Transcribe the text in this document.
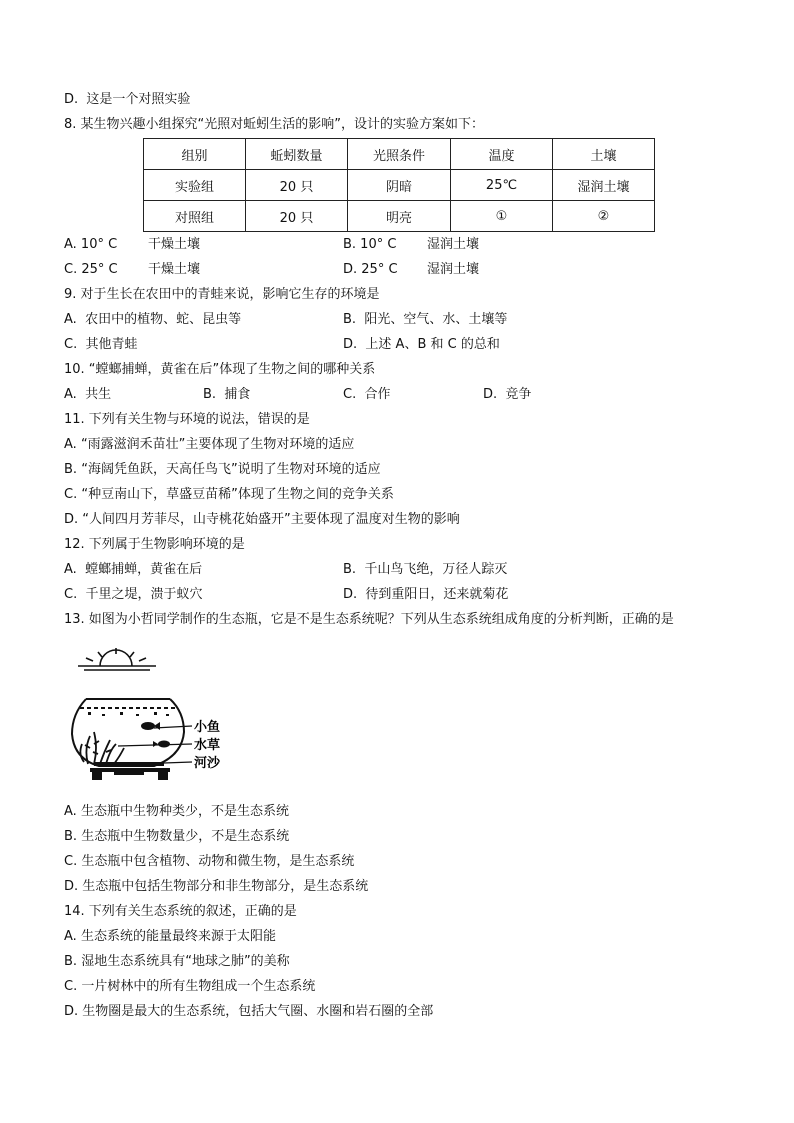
D. 这是一个对照实验
8. 某生物兴趣小组探究“光照对蚯蚓生活的影响”，设计的实验方案如下：
组别	蚯蚓数量	光照条件	温度	土壤
实验组	20 只	阴暗	25℃	湿润土壤
对照组	20 只	明亮	①	②
A. 10° C 干燥土壤	B. 10° C 湿润土壤
C. 25° C 干燥土壤	D. 25° C 湿润土壤
9. 对于生长在农田中的青蛙来说，影响它生存的环境是
A. 农田中的植物、蛇、昆虫等	B. 阳光、空气、水、土壤等
C. 其他青蛙	D. 上述 A、B 和 C 的总和
10. “螳螂捕蝉，黄雀在后”体现了生物之间的哪种关系
A. 共生	B. 捕食	C. 合作	D. 竞争
11. 下列有关生物与环境的说法，错误的是
A. “雨露滋润禾苗壮”主要体现了生物对环境的适应
B. “海阔凭鱼跃，天高任鸟飞”说明了生物对环境的适应
C. “种豆南山下，草盛豆苗稀”体现了生物之间的竞争关系
D. “人间四月芳菲尽，山寺桃花始盛开”主要体现了温度对生物的影响
12. 下列属于生物影响环境的是
A. 螳螂捕蝉，黄雀在后	B. 千山鸟飞绝，万径人踪灭
C. 千里之堤，溃于蚁穴	D. 待到重阳日，还来就菊花
13. 如图为小哲同学制作的生态瓶，它是不是生态系统呢？下列从生态系统组成角度的分析判断，正确的是
小鱼
水草
河沙
A. 生态瓶中生物种类少，不是生态系统
B. 生态瓶中生物数量少，不是生态系统
C. 生态瓶中包含植物、动物和微生物，是生态系统
D. 生态瓶中包括生物部分和非生物部分，是生态系统
14. 下列有关生态系统的叙述，正确的是
A. 生态系统的能量最终来源于太阳能
B. 湿地生态系统具有“地球之肺”的美称
C. 一片树林中的所有生物组成一个生态系统
D. 生物圈是最大的生态系统，包括大气圈、水圈和岩石圈的全部
